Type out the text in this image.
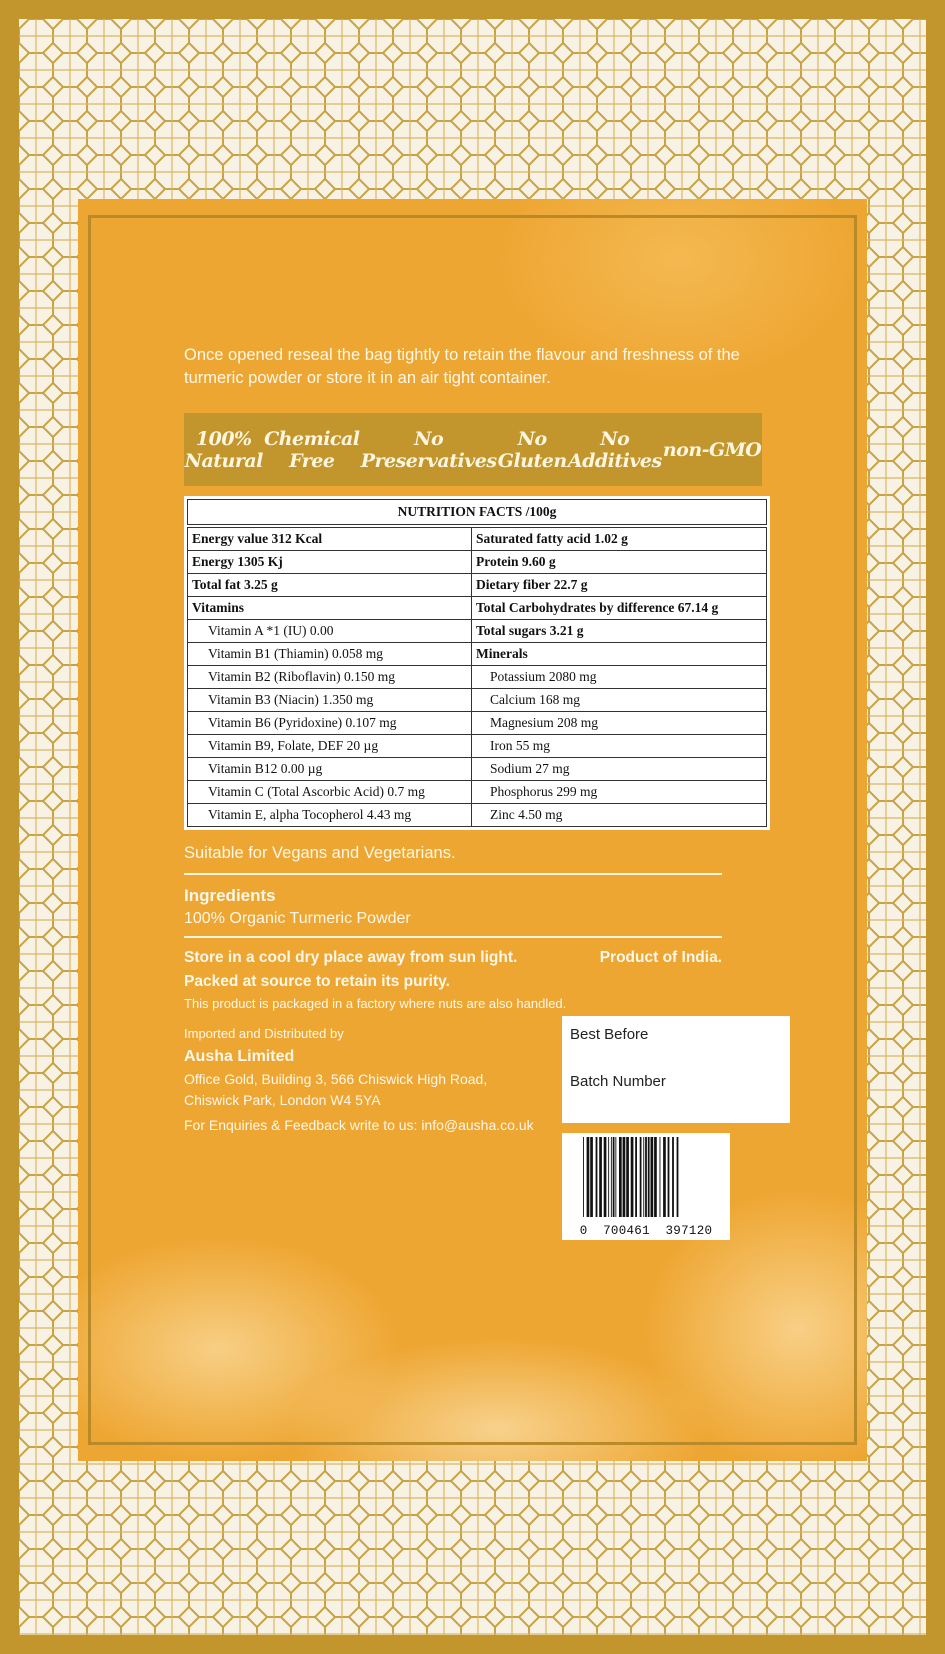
Once opened reseal the bag tightly to retain the flavour and freshness of the turmeric powder or store it in an air tight container.
100%
Natural
Chemical
Free
No
Preservatives
No
Gluten
No
Additives non-GMO
NUTRITION FACTS /100g	
Energy value 312 Kcal	Saturated fatty acid 1.02 g
Energy 1305 Kj	Protein 9.60 g
Total fat 3.25 g	Dietary fiber 22.7 g
Vitamins	Total Carbohydrates by difference 67.14 g
Vitamin A *1 (IU) 0.00	Total sugars 3.21 g
Vitamin B1 (Thiamin) 0.058 mg	Minerals
Vitamin B2 (Riboflavin) 0.150 mg	Potassium 2080 mg
Vitamin B3 (Niacin) 1.350 mg	Calcium 168 mg
Vitamin B6 (Pyridoxine) 0.107 mg	Magnesium 208 mg
Vitamin B9, Folate, DEF 20 µg	Iron 55 mg
Vitamin B12 0.00 µg	Sodium 27 mg
Vitamin C (Total Ascorbic Acid) 0.7 mg	Phosphorus 299 mg
Vitamin E, alpha Tocopherol 4.43 mg	Zinc 4.50 mg
Suitable for Vegans and Vegetarians.
Ingredients
100% Organic Turmeric Powder
Store in a cool dry place away from sun light.	Product of India.
Packed at source to retain its purity.
This product is packaged in a factory where nuts are also handled.
Imported and Distributed by
Ausha Limited
Office Gold, Building 3, 566 Chiswick High Road,
Chiswick Park, London W4 5YA
For Enquiries & Feedback write to us: info@ausha.co.uk
Best Before
Batch Number
0  700461  397120
